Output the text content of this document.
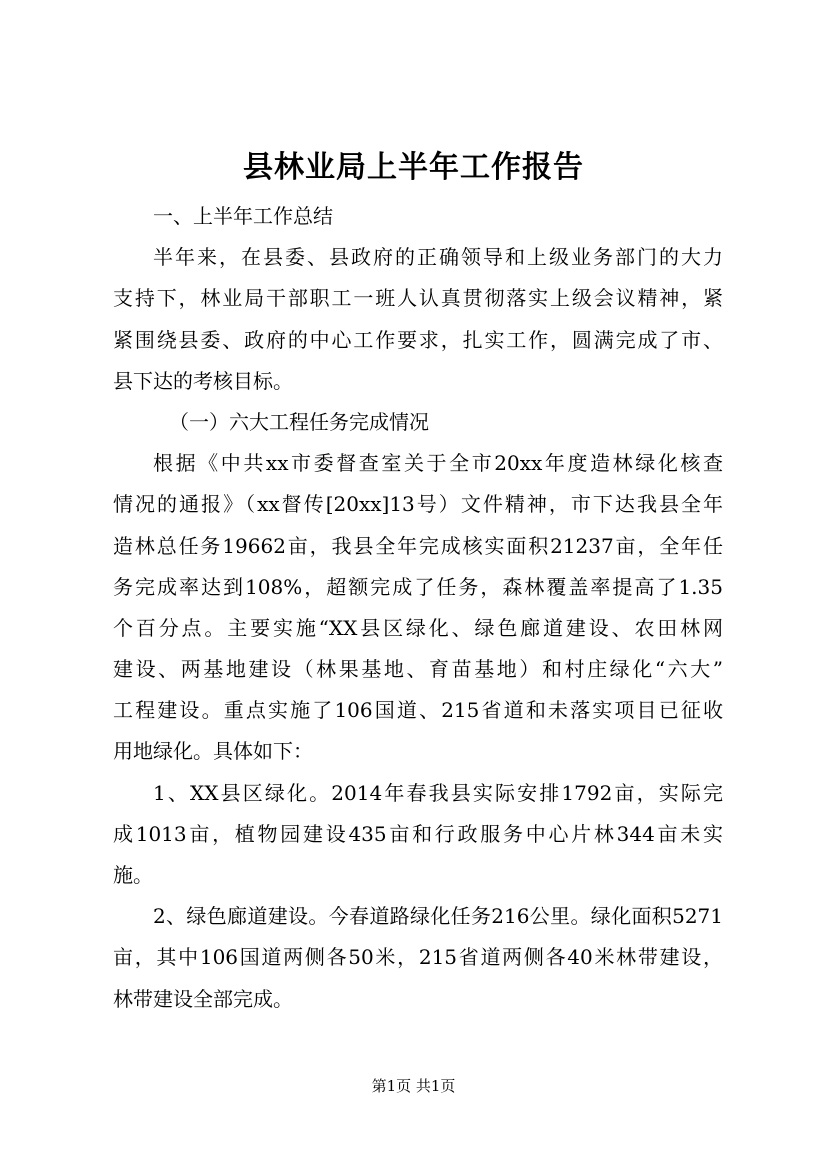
县林业局上半年工作报告
一、上半年工作总结
半年来，在县委、县政府的正确领导和上级业务部门的大力
支持下，林业局干部职工一班人认真贯彻落实上级会议精神，紧
紧围绕县委、政府的中心工作要求，扎实工作，圆满完成了市、
县下达的考核目标。
（一）六大工程任务完成情况
根据《中共xx市委督查室关于全市20xx年度造林绿化核查
情况的通报》（xx督传[20xx]13号）文件精神，市下达我县全年
造林总任务19662亩，我县全年完成核实面积21237亩，全年任
务完成率达到108%，超额完成了任务，森林覆盖率提高了1.35
个百分点。主要实施“XX县区绿化、绿色廊道建设、农田林网
建设、两基地建设（林果基地、育苗基地）和村庄绿化“六大”
工程建设。重点实施了106国道、215省道和未落实项目已征收
用地绿化。具体如下：
1、XX县区绿化。2014年春我县实际安排1792亩，实际完
成1013亩，植物园建设435亩和行政服务中心片林344亩未实
施。
2、绿色廊道建设。今春道路绿化任务216公里。绿化面积5271
亩，其中106国道两侧各50米，215省道两侧各40米林带建设，
林带建设全部完成。
第1页 共1页
